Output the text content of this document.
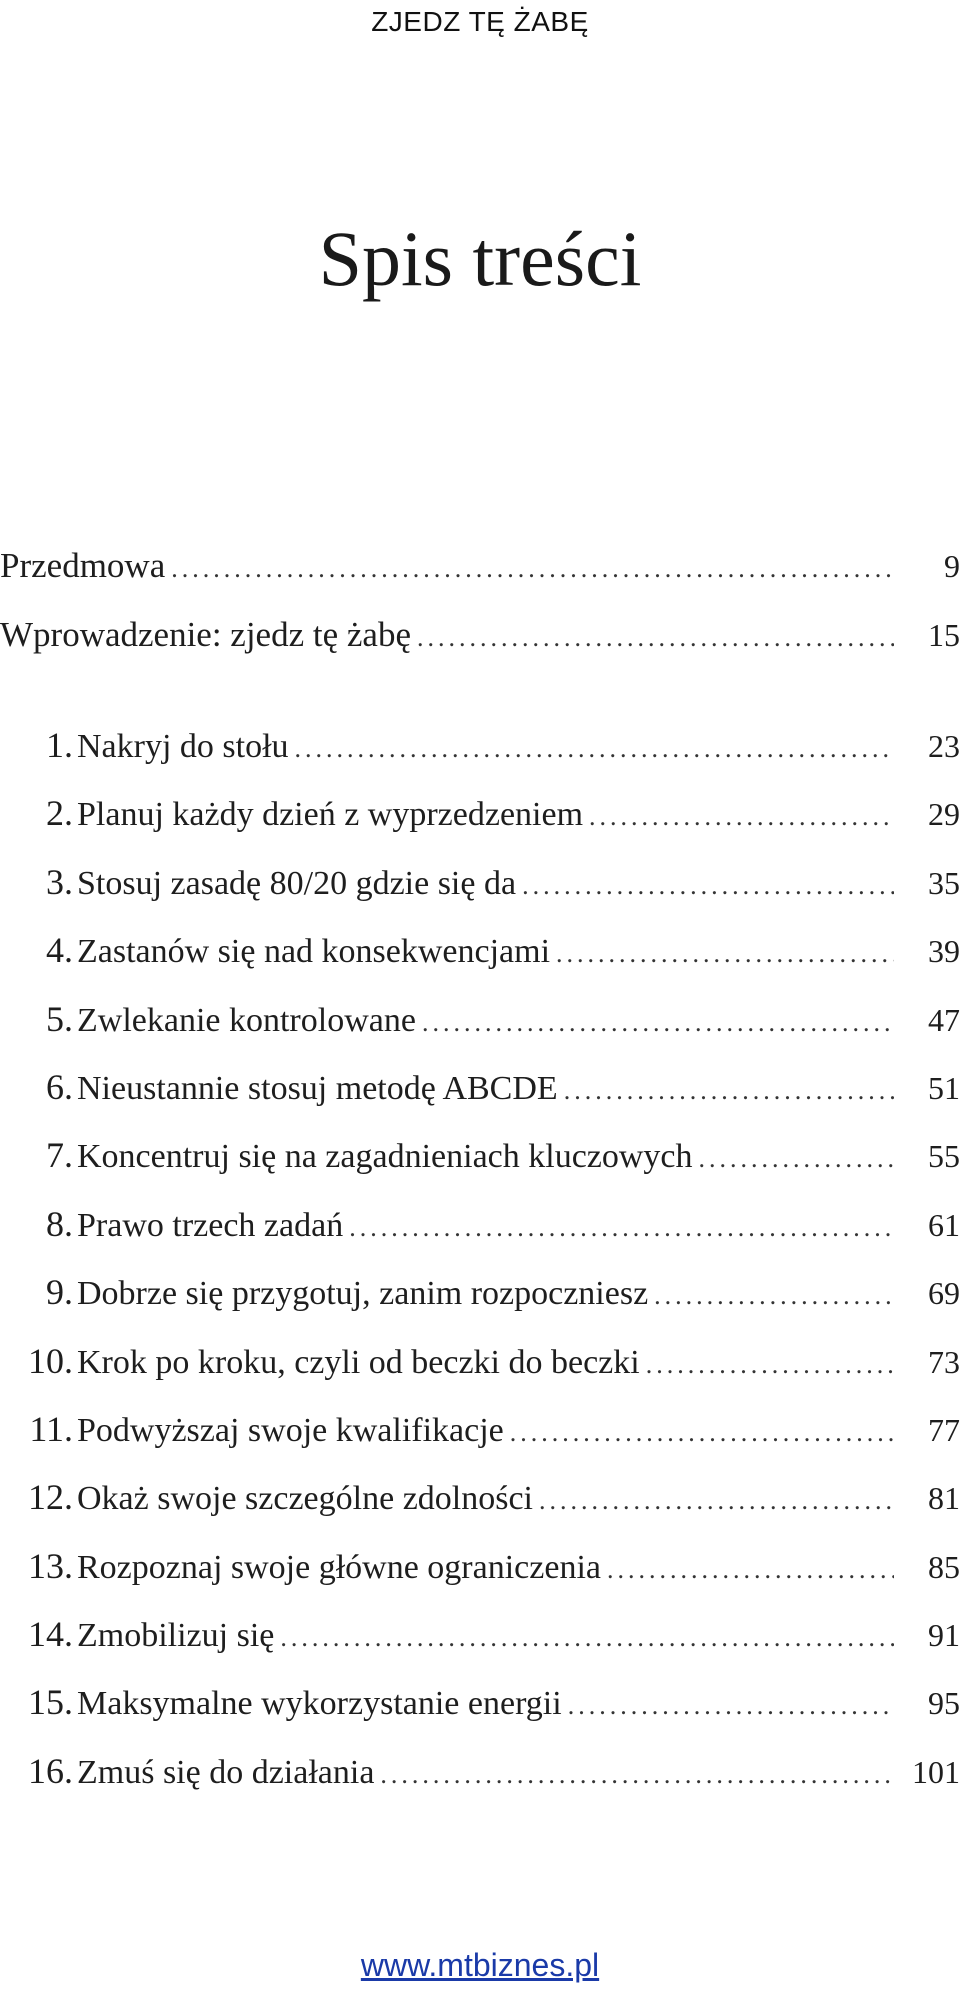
ZJEDZ TĘ ŻABĘ
Spis treści
Przedmowa .....	9
Wprowadzenie: zjedz tę żabę .....	15
1. Nakryj do stołu .....	23
2. Planuj każdy dzień z wyprzedzeniem .....	29
3. Stosuj zasadę 80/20 gdzie się da .....	35
4. Zastanów się nad konsekwencjami .....	39
5. Zwlekanie kontrolowane .....	47
6. Nieustannie stosuj metodę ABCDE .....	51
7. Koncentruj się na zagadnieniach kluczowych .....	55
8. Prawo trzech zadań .....	61
9. Dobrze się przygotuj, zanim rozpoczniesz .....	69
10. Krok po kroku, czyli od beczki do beczki .....	73
11. Podwyższaj swoje kwalifikacje .....	77
12. Okaż swoje szczególne zdolności .....	81
13. Rozpoznaj swoje główne ograniczenia .....	85
14. Zmobilizuj się .....	91
15. Maksymalne wykorzystanie energii .....	95
16. Zmuś się do działania .....	101
www.mtbiznes.pl
